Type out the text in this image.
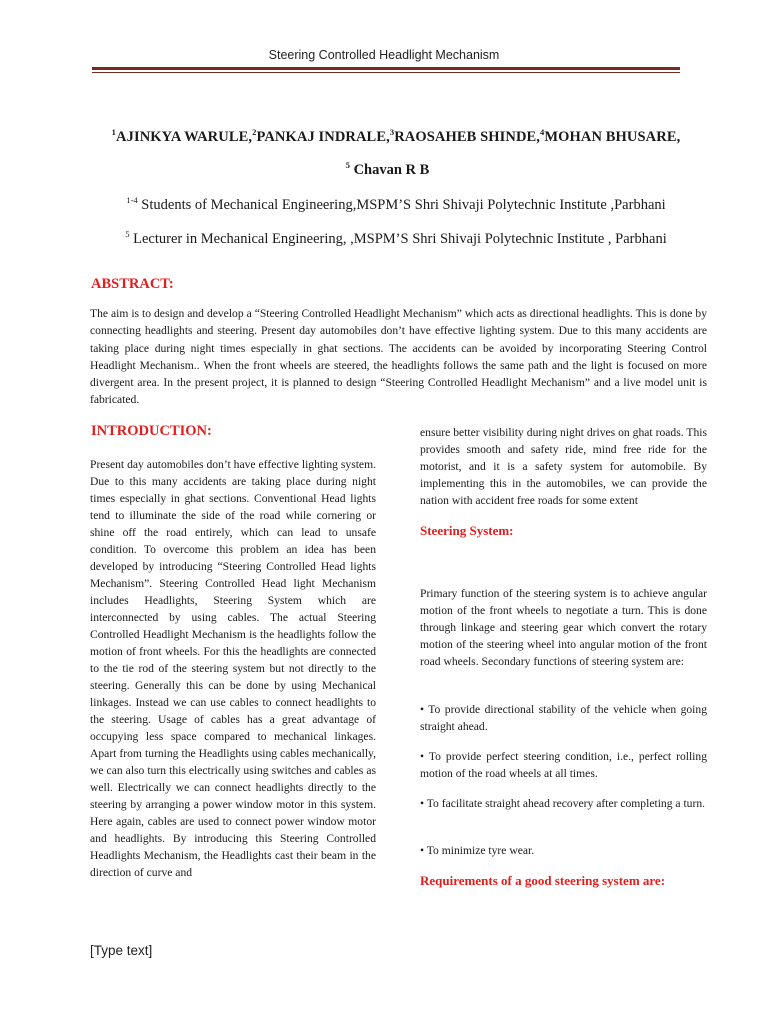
Steering Controlled Headlight Mechanism
$^1$AJINKYA WARULE,$^2$PANKAJ INDRALE,$^3$RAOSAHEB SHINDE,$^4$MOHAN BHUSARE,
$^5$ Chavan R B
$^{1-4}$ Students of Mechanical Engineering,MSPM’S Shri Shivaji Polytechnic Institute ,Parbhani
$^5$ Lecturer in Mechanical Engineering, ,MSPM’S Shri Shivaji Polytechnic Institute , Parbhani
ABSTRACT:
The aim is to design and develop a “Steering Controlled Headlight Mechanism” which acts as directional headlights. This is done by connecting headlights and steering. Present day automobiles don’t have effective lighting system. Due to this many accidents are taking place during night times especially in ghat sections. The accidents can be avoided by incorporating Steering Control Headlight Mechanism.. When the front wheels are steered, the headlights follows the same path and the light is focused on more divergent area. In the present project, it is planned to design “Steering Controlled Headlight Mechanism” and a live model unit is fabricated.
INTRODUCTION:
Present day automobiles don’t have effective lighting system. Due to this many accidents are taking place during night times especially in ghat sections. Conventional Head lights tend to illuminate the side of the road while cornering or shine off the road entirely, which can lead to unsafe condition. To overcome this problem an idea has been developed by introducing “Steering Controlled Head lights Mechanism”. Steering Controlled Head light Mechanism includes Headlights, Steering System which are interconnected by using cables. The actual Steering Controlled Headlight Mechanism is the headlights follow the motion of front wheels. For this the headlights are connected to the tie rod of the steering system but not directly to the steering. Generally this can be done by using Mechanical linkages. Instead we can use cables to connect headlights to the steering. Usage of cables has a great advantage of occupying less space compared to mechanical linkages. Apart from turning the Headlights using cables mechanically, we can also turn this electrically using switches and cables as well. Electrically we can connect headlights directly to the steering by arranging a power window motor in this system. Here again, cables are used to connect power window motor and headlights. By introducing this Steering Controlled Headlights Mechanism, the Headlights cast their beam in the direction of curve and
ensure better visibility during night drives on ghat roads. This provides smooth and safety ride, mind free ride for the motorist, and it is a safety system for automobile. By implementing this in the automobiles, we can provide the nation with accident free roads for some extent
Steering System:
Primary function of the steering system is to achieve angular motion of the front wheels to negotiate a turn. This is done through linkage and steering gear which convert the rotary motion of the steering wheel into angular motion of the front road wheels. Secondary functions of steering system are:
• To provide directional stability of the vehicle when going straight ahead.
• To provide perfect steering condition, i.e., perfect rolling motion of the road wheels at all times.
• To facilitate straight ahead recovery after completing a turn.
• To minimize tyre wear.
Requirements of a good steering system are:
[Type text]
